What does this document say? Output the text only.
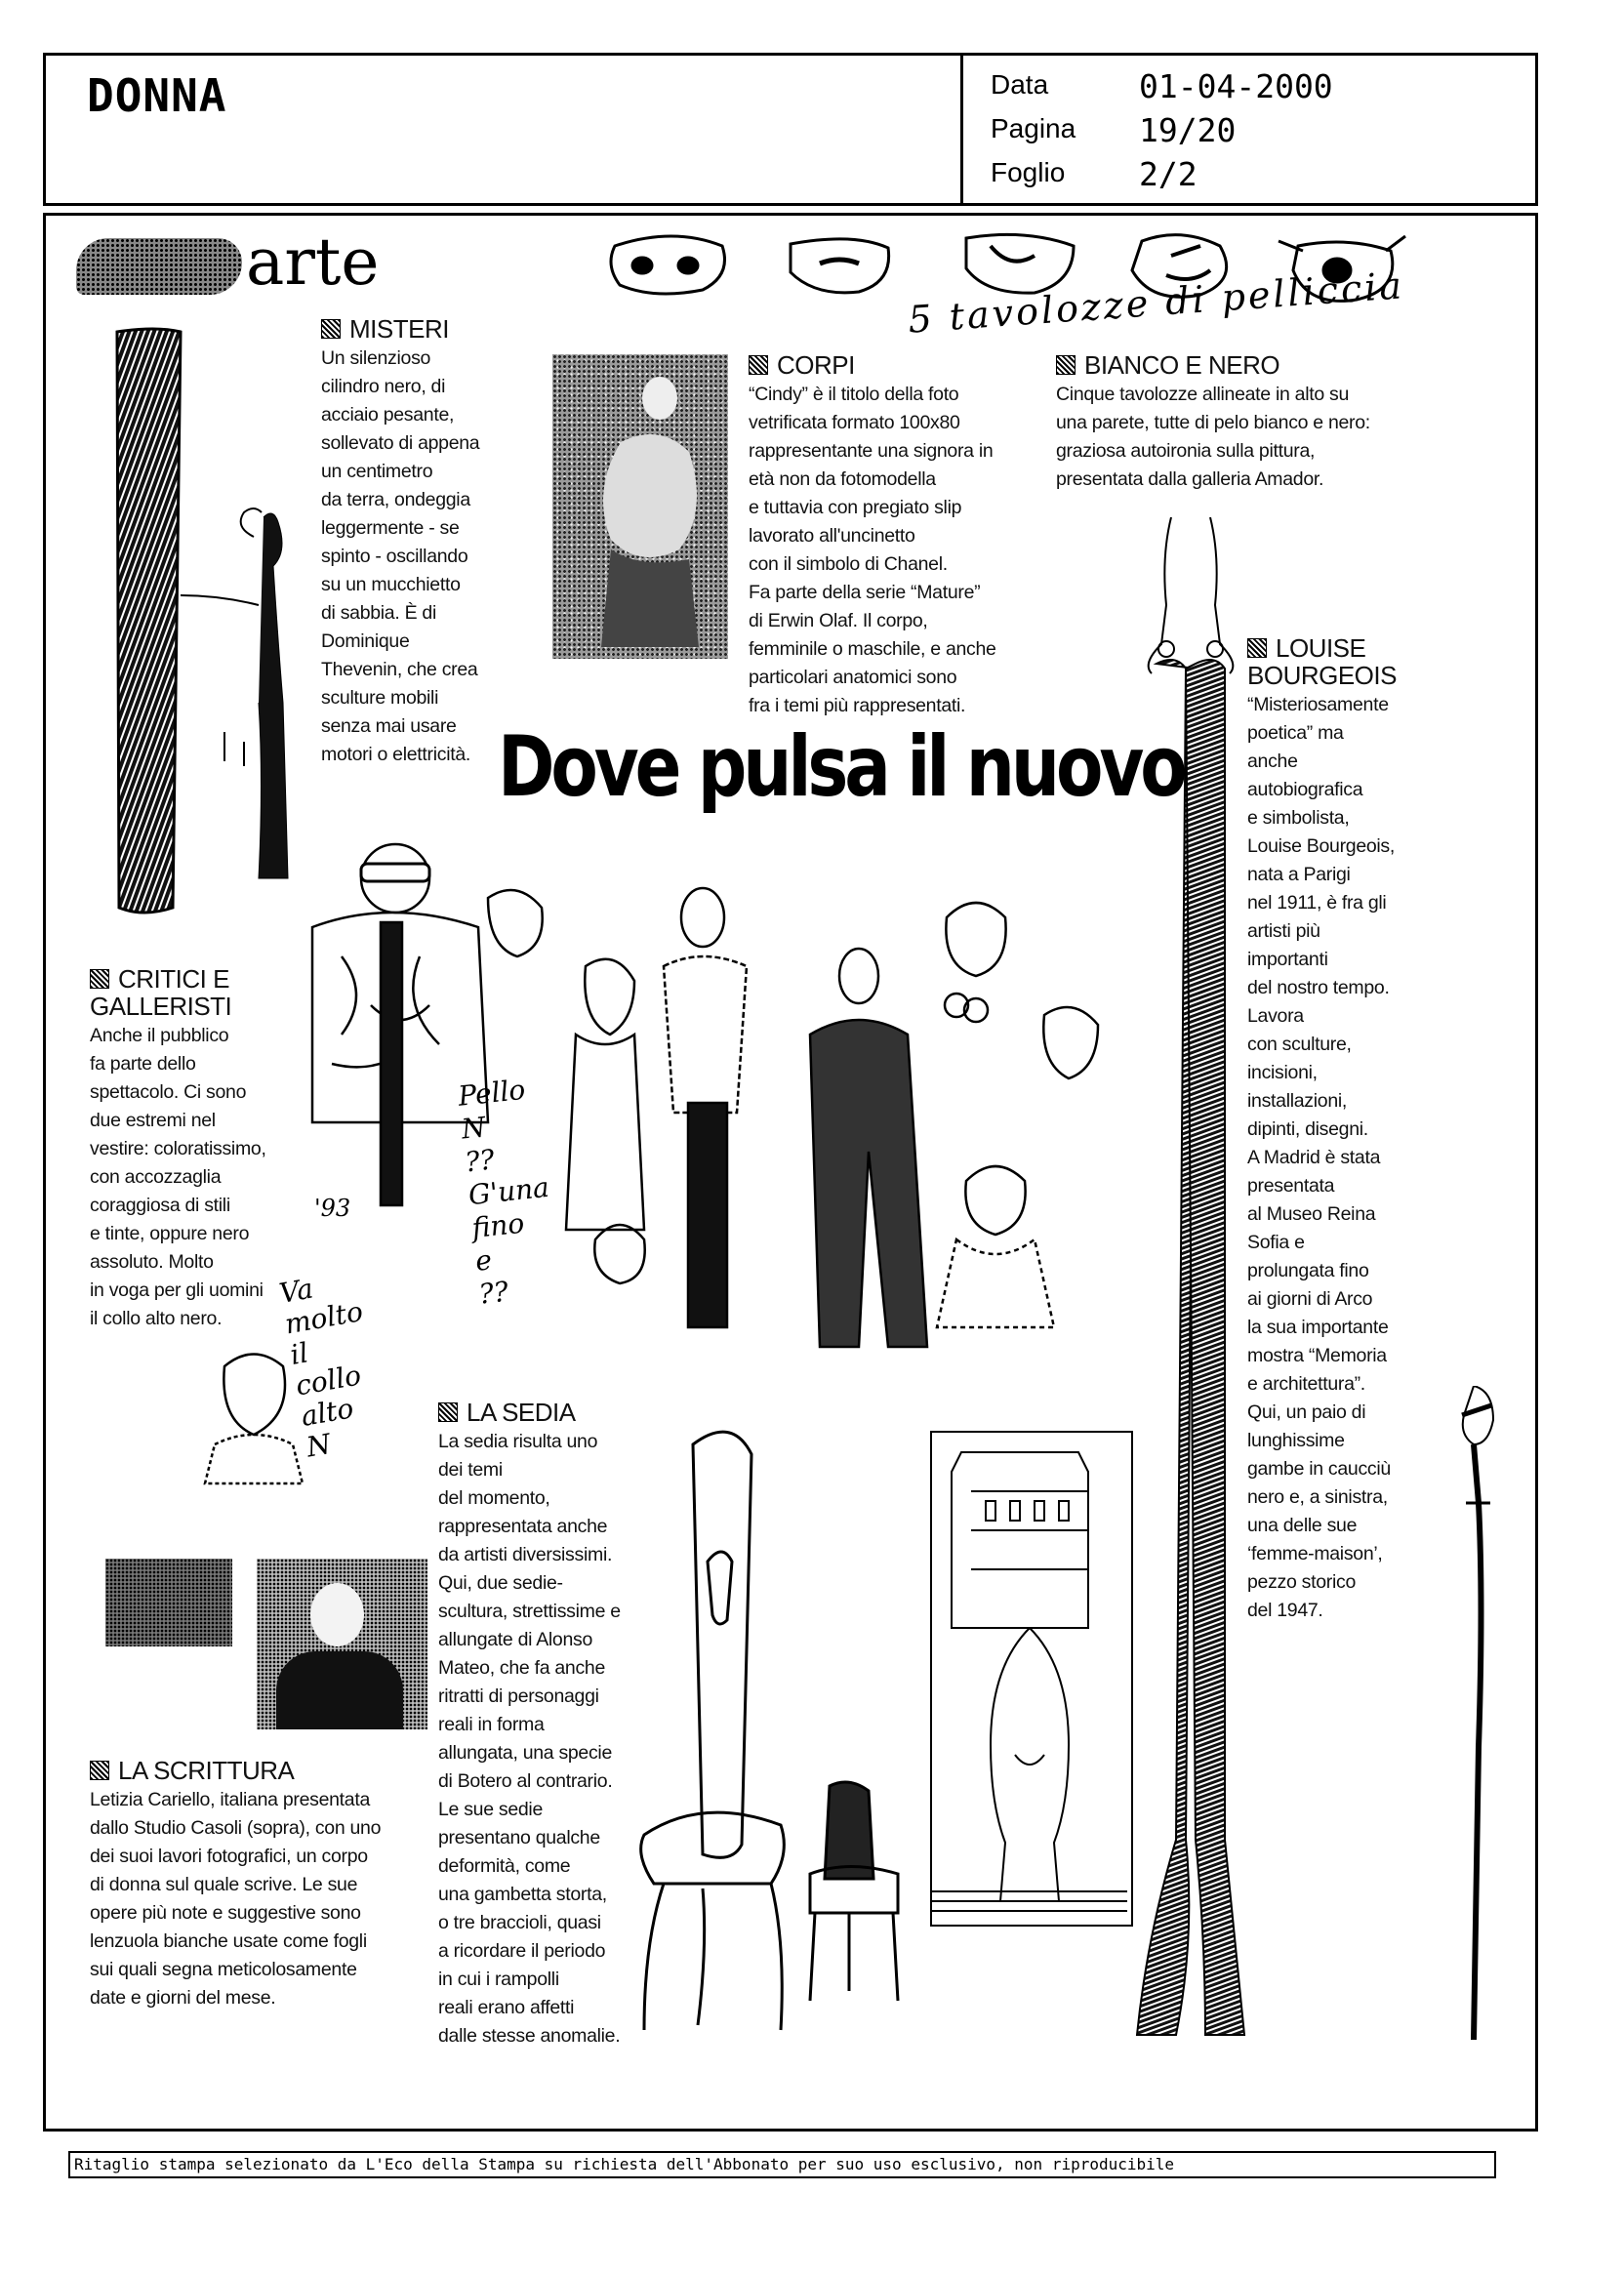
DONNA	Data	01-04-2000
Pagina 19/20
Foglio 2/2
arte
5 tavolozze di pelliccia
Dove pulsa il nuovo
MISTERI

Un silenzioso
cilindro nero, di
acciaio pesante,
sollevato di appena
un centimetro
da terra, ondeggia
leggermente - se
spinto - oscillando
su un mucchietto
di sabbia. È di
Dominique
Thevenin, che crea
sculture mobili
senza mai usare
motori o elettricità.

CORPI

“Cindy” è il titolo della foto
vetrificata formato 100x80
rappresentante una signora in
età non da fotomodella
e tuttavia con pregiato slip
lavorato all'uncinetto
con il simbolo di Chanel.
Fa parte della serie “Mature”
di Erwin Olaf. Il corpo,
femminile o maschile, e anche
particolari anatomici sono
fra i temi più rappresentati.

BIANCO E NERO

Cinque tavolozze allineate in alto su
una parete, tutte di pelo bianco e nero:
graziosa autoironia sulla pittura,
presentata dalla galleria Amador.

LOUISE
BOURGEOIS

“Misteriosamente
poetica” ma
anche
autobiografica
e simbolista,
Louise Bourgeois,
nata a Parigi
nel 1911, è fra gli
artisti più
importanti
del nostro tempo.
Lavora
con sculture,
incisioni,
installazioni,
dipinti, disegni.
A Madrid è stata
presentata
al Museo Reina
Sofia e
prolungata fino
ai giorni di Arco
la sua importante
mostra “Memoria
e architettura”.
Qui, un paio di
lunghissime
gambe in caucciù
nero e, a sinistra,
una delle sue
‘femme-maison’,
pezzo storico
del 1947.

Pello
N
??
G'una
fino
e
??
Va
molto
il
collo
alto
N
'93
CRITICI E
GALLERISTI

Anche il pubblico
fa parte dello
spettacolo. Ci sono
due estremi nel
vestire: coloratissimo,
con accozzaglia
coraggiosa di stili
e tinte, oppure nero
assoluto. Molto
in voga per gli uomini
il collo alto nero.

LA SEDIA

La sedia risulta uno
dei temi
del momento,
rappresentata anche
da artisti diversissimi.
Qui, due sedie-
scultura, strettissime e
allungate di Alonso
Mateo, che fa anche
ritratti di personaggi
reali in forma
allungata, una specie
di Botero al contrario.
Le sue sedie
presentano qualche
deformità, come
una gambetta storta,
o tre braccioli, quasi
a ricordare il periodo
in cui i rampolli
reali erano affetti
dalle stesse anomalie.

LA SCRITTURA

Letizia Cariello, italiana presentata
dallo Studio Casoli (sopra), con uno
dei suoi lavori fotografici, un corpo
di donna sul quale scrive. Le sue
opere più note e suggestive sono
lenzuola bianche usate come fogli
sui quali segna meticolosamente
date e giorni del mese.

Ritaglio stampa selezionato da L'Eco della Stampa su richiesta dell'Abbonato per suo uso esclusivo, non riproducibile
